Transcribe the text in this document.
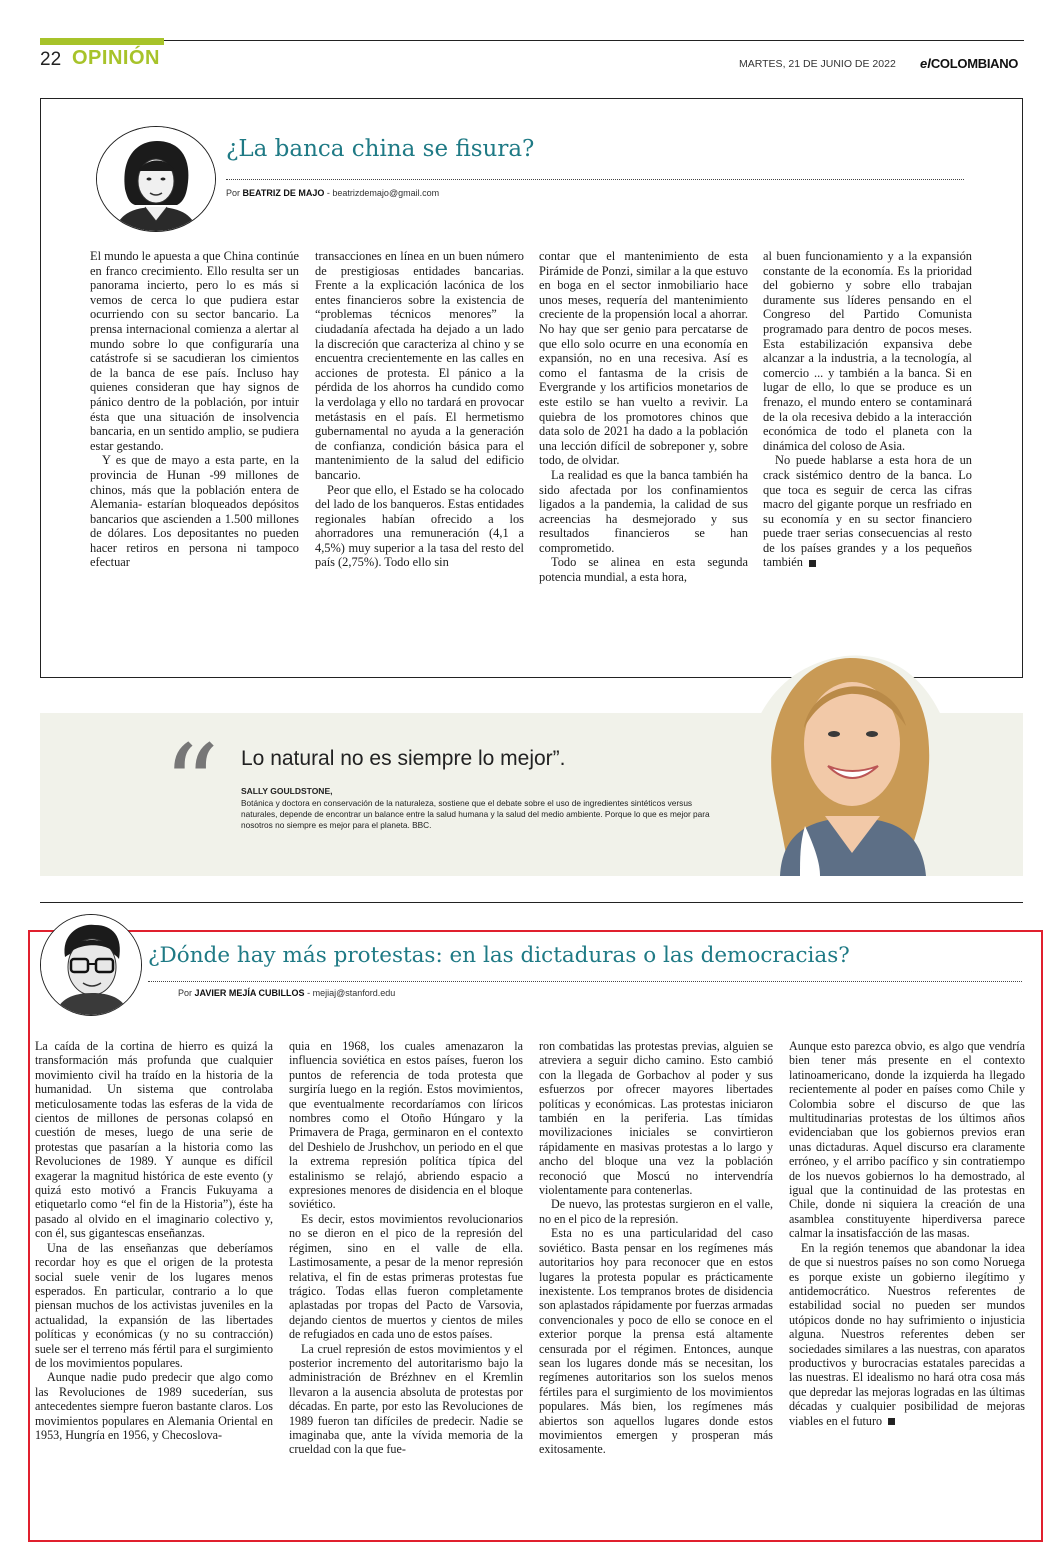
22 OPINIÓN	MARTES, 21 DE JUNIO DE 2022 elCOLOMBIANO
¿La banca china se fisura?
Por BEATRIZ DE MAJO - beatrizdemajo@gmail.com

El mundo le apuesta a que China continúe en franco crecimiento. Ello resulta ser un panorama incierto, pero lo es más si vemos de cerca lo que pudiera estar ocurriendo con su sector bancario. La prensa internacional comienza a alertar al mundo sobre lo que configuraría una catástrofe si se sacudieran los cimientos de la banca de ese país. Incluso hay quienes consideran que hay signos de pánico dentro de la población, por intuir ésta que una situación de insolvencia bancaria, en un sentido amplio, se pudiera estar gestando.

Y es que de mayo a esta parte, en la provincia de Hunan -99 millones de chinos, más que la población entera de Alemania- estarían bloqueados depósitos bancarios que ascienden a 1.500 millones de dólares. Los depositantes no pueden hacer retiros en persona ni tampoco efectuar

transacciones en línea en un buen número de prestigiosas entidades bancarias. Frente a la explicación lacónica de los entes financieros sobre la existencia de “problemas técnicos menores” la ciudadanía afectada ha dejado a un lado la discreción que caracteriza al chino y se encuentra crecientemente en las calles en acciones de protesta. El pánico a la pérdida de los ahorros ha cundido como la verdolaga y ello no tardará en provocar metástasis en el país. El hermetismo gubernamental no ayuda a la generación de confianza, condición básica para el mantenimiento de la salud del edificio bancario.

Peor que ello, el Estado se ha colocado del lado de los banqueros. Estas entidades regionales habían ofrecido a los ahorradores una remuneración (4,1 a 4,5%) muy superior a la tasa del resto del país (2,75%). Todo ello sin

contar que el mantenimiento de esta Pirámide de Ponzi, similar a la que estuvo en boga en el sector inmobiliario hace unos meses, requería del mantenimiento creciente de la propensión local a ahorrar. No hay que ser genio para percatarse de que ello solo ocurre en una economía en expansión, no en una recesiva. Así es como el fantasma de la crisis de Evergrande y los artificios monetarios de este estilo se han vuelto a revivir. La quiebra de los promotores chinos que data solo de 2021 ha dado a la población una lección difícil de sobreponer y, sobre todo, de olvidar.

La realidad es que la banca también ha sido afectada por los confinamientos ligados a la pandemia, la calidad de sus acreencias ha desmejorado y sus resultados financieros se han comprometido.

Todo se alinea en esta segunda potencia mundial, a esta hora,

al buen funcionamiento y a la expansión constante de la economía. Es la prioridad del gobierno y sobre ello trabajan duramente sus líderes pensando en el Congreso del Partido Comunista programado para dentro de pocos meses. Esta estabilización expansiva debe alcanzar a la industria, a la tecnología, al comercio ... y también a la banca. Si en lugar de ello, lo que se produce es un frenazo, el mundo entero se contaminará de la ola recesiva debido a la interacción económica de todo el planeta con la dinámica del coloso de Asia.

No puede hablarse a esta hora de un crack sistémico dentro de la banca. Lo que toca es seguir de cerca las cifras macro del gigante porque un resfriado en su economía y en su sector financiero puede traer serias consecuencias al resto de los países grandes y a los pequeños también

“ Lo natural no es siempre lo mejor”.
SALLY GOULDSTONE,
Botánica y doctora en conservación de la naturaleza, sostiene que el debate sobre el uso de ingredientes sintéticos versus naturales, depende de encontrar un balance entre la salud humana y la salud del medio ambiente. Porque lo que es mejor para nosotros no siempre es mejor para el planeta. BBC.
¿Dónde hay más protestas: en las dictaduras o las democracias?
Por JAVIER MEJÍA CUBILLOS - mejiaj@stanford.edu

La caída de la cortina de hierro es quizá la transformación más profunda que cualquier movimiento civil ha traído en la historia de la humanidad. Un sistema que controlaba meticulosamente todas las esferas de la vida de cientos de millones de personas colapsó en cuestión de meses, luego de una serie de protestas que pasarían a la historia como las Revoluciones de 1989. Y aunque es difícil exagerar la magnitud histórica de este evento (y quizá esto motivó a Francis Fukuyama a etiquetarlo como “el fin de la Historia”), éste ha pasado al olvido en el imaginario colectivo y, con él, sus gigantescas enseñanzas.

Una de las enseñanzas que deberíamos recordar hoy es que el origen de la protesta social suele venir de los lugares menos esperados. En particular, contrario a lo que piensan muchos de los activistas juveniles en la actualidad, la expansión de las libertades políticas y económicas (y no su contracción) suele ser el terreno más fértil para el surgimiento de los movimientos populares.

Aunque nadie pudo predecir que algo como las Revoluciones de 1989 sucederían, sus antecedentes siempre fueron bastante claros. Los movimientos populares en Alemania Oriental en 1953, Hungría en 1956, y Checoslova-

quia en 1968, los cuales amenazaron la influencia soviética en estos países, fueron los puntos de referencia de toda protesta que surgiría luego en la región. Estos movimientos, que eventualmente recordaríamos con líricos nombres como el Otoño Húngaro y la Primavera de Praga, germinaron en el contexto del Deshielo de Jrushchov, un periodo en el que la extrema represión política típica del estalinismo se relajó, abriendo espacio a expresiones menores de disidencia en el bloque soviético.

Es decir, estos movimientos revolucionarios no se dieron en el pico de la represión del régimen, sino en el valle de ella. Lastimosamente, a pesar de la menor represión relativa, el fin de estas primeras protestas fue trágico. Todas ellas fueron completamente aplastadas por tropas del Pacto de Varsovia, dejando cientos de muertos y cientos de miles de refugiados en cada uno de estos países.

La cruel represión de estos movimientos y el posterior incremento del autoritarismo bajo la administración de Brézhnev en el Kremlin llevaron a la ausencia absoluta de protestas por décadas. En parte, por esto las Revoluciones de 1989 fueron tan difíciles de predecir. Nadie se imaginaba que, ante la vívida memoria de la crueldad con la que fue-

ron combatidas las protestas previas, alguien se atreviera a seguir dicho camino. Esto cambió con la llegada de Gorbachov al poder y sus esfuerzos por ofrecer mayores libertades políticas y económicas. Las protestas iniciaron también en la periferia. Las tímidas movilizaciones iniciales se convirtieron rápidamente en masivas protestas a lo largo y ancho del bloque una vez la población reconoció que Moscú no intervendría violentamente para contenerlas.

De nuevo, las protestas surgieron en el valle, no en el pico de la represión.

Esta no es una particularidad del caso soviético. Basta pensar en los regímenes más autoritarios hoy para reconocer que en estos lugares la protesta popular es prácticamente inexistente. Los tempranos brotes de disidencia son aplastados rápidamente por fuerzas armadas convencionales y poco de ello se conoce en el exterior porque la prensa está altamente censurada por el régimen. Entonces, aunque sean los lugares donde más se necesitan, los regímenes autoritarios son los suelos menos fértiles para el surgimiento de los movimientos populares. Más bien, los regímenes más abiertos son aquellos lugares donde estos movimientos emergen y prosperan más exitosamente.

Aunque esto parezca obvio, es algo que vendría bien tener más presente en el contexto latinoamericano, donde la izquierda ha llegado recientemente al poder en países como Chile y Colombia sobre el discurso de que las multitudinarias protestas de los últimos años evidenciaban que los gobiernos previos eran unas dictaduras. Aquel discurso era claramente erróneo, y el arribo pacífico y sin contratiempo de los nuevos gobiernos lo ha demostrado, al igual que la continuidad de las protestas en Chile, donde ni siquiera la creación de una asamblea constituyente hiperdiversa parece calmar la insatisfacción de las masas.

En la región tenemos que abandonar la idea de que si nuestros países no son como Noruega es porque existe un gobierno ilegítimo y antidemocrático. Nuestros referentes de estabilidad social no pueden ser mundos utópicos donde no hay sufrimiento o injusticia alguna. Nuestros referentes deben ser sociedades similares a las nuestras, con aparatos productivos y burocracias estatales parecidas a las nuestras. El idealismo no hará otra cosa más que depredar las mejoras logradas en las últimas décadas y cualquier posibilidad de mejoras viables en el futuro
